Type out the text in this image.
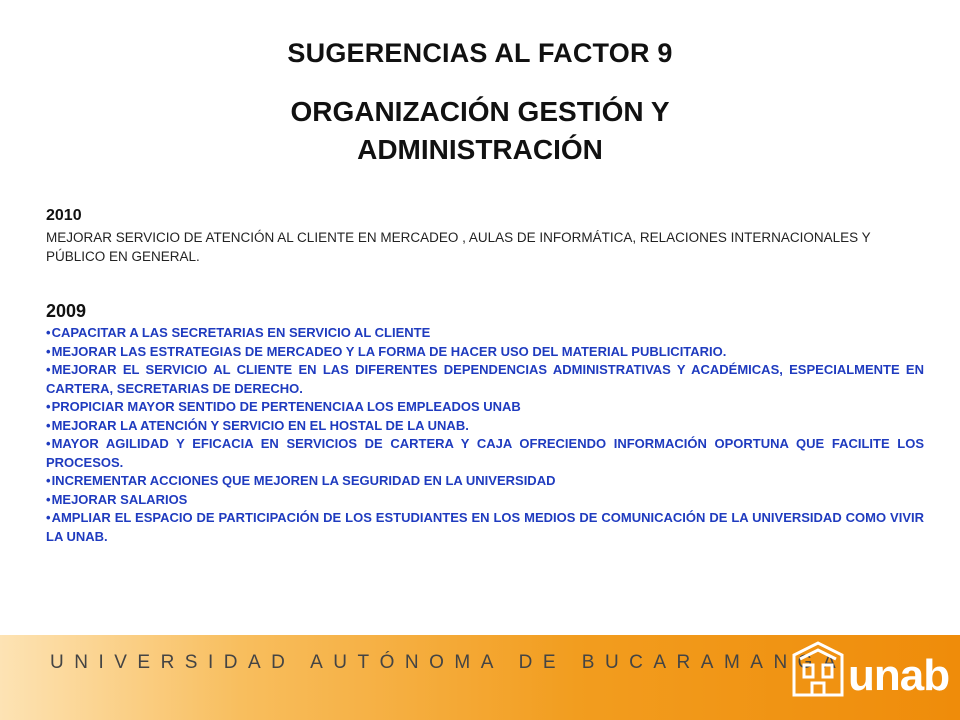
SUGERENCIAS AL FACTOR 9
ORGANIZACIÓN GESTIÓN Y ADMINISTRACIÓN
2010
MEJORAR SERVICIO DE ATENCIÓN AL CLIENTE EN MERCADEO , AULAS DE INFORMÁTICA, RELACIONES INTERNACIONALES Y PÚBLICO EN GENERAL.
2009
•CAPACITAR A LAS SECRETARIAS EN SERVICIO AL CLIENTE
•MEJORAR LAS ESTRATEGIAS DE MERCADEO Y LA FORMA DE HACER USO DEL MATERIAL PUBLICITARIO.
•MEJORAR EL SERVICIO AL CLIENTE EN LAS DIFERENTES DEPENDENCIAS ADMINISTRATIVAS Y ACADÉMICAS, ESPECIALMENTE EN CARTERA, SECRETARIAS DE DERECHO.
•PROPICIAR MAYOR SENTIDO DE PERTENENCIAA LOS EMPLEADOS UNAB
•MEJORAR LA ATENCIÓN Y SERVICIO EN EL HOSTAL DE LA UNAB.
•MAYOR AGILIDAD Y EFICACIA EN SERVICIOS DE CARTERA Y CAJA OFRECIENDO INFORMACIÓN OPORTUNA QUE FACILITE LOS PROCESOS.
•INCREMENTAR ACCIONES QUE MEJOREN LA SEGURIDAD EN LA UNIVERSIDAD
•MEJORAR SALARIOS
•AMPLIAR EL ESPACIO DE PARTICIPACIÓN DE LOS ESTUDIANTES EN LOS MEDIOS DE COMUNICACIÓN DE LA UNIVERSIDAD COMO VIVIR LA UNAB.
UNIVERSIDAD AUTÓNOMA DE BUCARAMANGA unab
